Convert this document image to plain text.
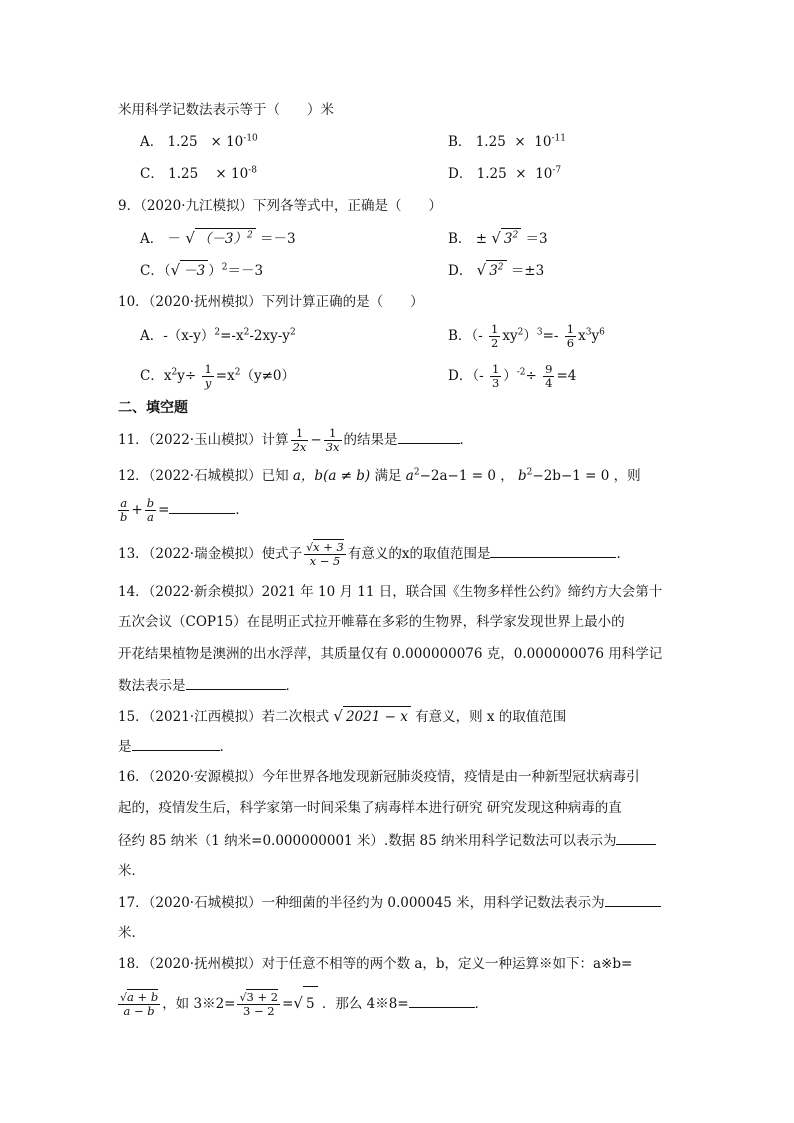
米用科学记数法表示等于（　　）米
A． $1.25 \times 10^{-10}$	B． $1.25 \times 10^{-11}$
C． $1.25 \times 10^{-8}$	D． $1.25 \times 10^{-7}$
9．（2020·九江模拟）下列各等式中，正确是（　　）
A． － √ $(-3)^2 =-3$	B． ± √ $3^2 =3$
C．（√ －3 ）$^2$＝－3	D． √ $3^2 =\pm 3$
10．（2020·抚州模拟）下列计算正确的是（　　）
A．$-(x-y)^2=-x^2-2xy-y^2$	B．（- $\frac{1}{2} xy^2)^3=- \frac{1}{6} x^3y^6$
C．$x^2y\div \frac{1}{y} =x^2(y\ne 0)$	D．（- $\frac{1}{3} )^{-2}\div \frac{9}{4} =4$
二、填空题
11．（2022·玉山模拟）计算 $\frac{1}{2x} - \frac{1}{3x}$ 的结果是	．
12．（2022·石城模拟）已知 a，b(a ≠ b) 满足 $a^2-2a-1 = 0$ ， $b^2-2b-1 = 0$ ，则
$\frac{a}{b} + \frac{b}{a}$ =	．
13．（2022·瑞金模拟）使式子 $\frac{√x + 3}{x - 5}$ 有意义的x的取值范围是	．
14．（2022·新余模拟）2021 年 10 月 11 日，联合国《生物多样性公约》缔约方大会第十
五次会议（COP15）在昆明正式拉开帷幕在多彩的生物界，科学家发现世界上最小的
开花结果植物是澳洲的出水浮萍，其质量仅有 0.000000076 克，0.000000076 用科学记
数法表示是	．
15．（2021·江西模拟）若二次根式 √ 2021 − x 有意义，则 x 的取值范围
是	.
16．（2020·安源模拟）今年世界各地发现新冠肺炎疫情，疫情是由一种新型冠状病毒引
起的，疫情发生后，科学家第一时间采集了病毒样本进行研究 研究发现这种病毒的直
径约 85 纳米（1 纳米=0.000000001 米）.数据 85 纳米用科学记数法可以表示为
米．
17．（2020·石城模拟）一种细菌的半径约为 0.000045 米，用科学记数法表示为
米．
18．（2020·抚州模拟）对于任意不相等的两个数 a，b，定义一种运算※如下：a※b=
$\frac{√a + b}{a - b}$ ，如 3※2= $\frac{√3 + 2}{3 - 2}$ =√ 5 ．那么 4※8=	．
